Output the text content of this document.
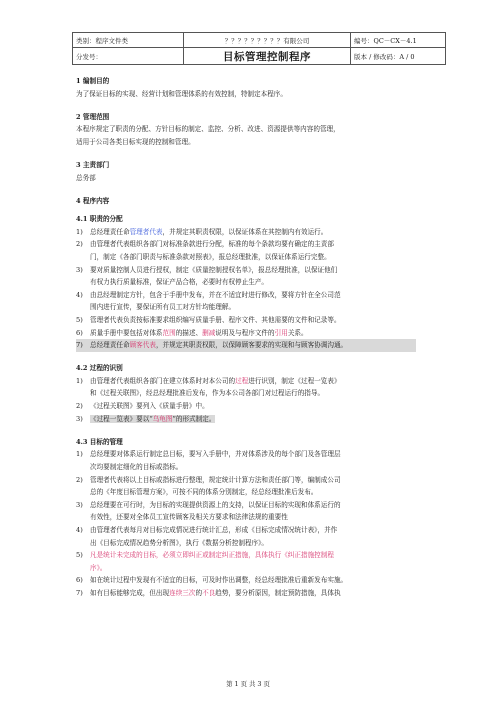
类别：程序文件类	？？？？？？？？？有限公司	编号：QC－CX－4.1
分发号：	目标管理控制程序	版本 / 修改码：A / 0
1 编制目的

为了保证目标的实现、经营计划和管理体系的有效控制，特制定本程序。

2 管理范围

本程序规定了职责的分配、方针目标的制定、监控、分析、改进、资源提供等内容的管理，

适用于公司各类目标实现的控制和管理。

3 主责部门

总务部

4 程序内容
4.1 职责的分配
1)	总经理责任命管理者代表，并规定其职责权限，以保证体系在其控制内有效运行。
2)	由管理者代表组织各部门对标准条款进行分配，标准的每个条款均要有确定的主责部
门，制定《各部门职责与标准条款对照表》，报总经理批准，以保证体系运行完整。
3)	要对质量控制人员进行授权，制定《质量控制授权名单》，报总经理批准，以保证他们
有权力执行质量标准，保证产品合格，必要时有权停止生产。
4)	由总经理制定方针，包含于手册中发布，并在不适宜时进行修改，要将方针在全公司范
围内进行宣传，要保证所有员工对方针均能理解。
5)	管理者代表负责按标准要求组织编写质量手册、程序文件、其他需要的文件和记录等。
6)	质量手册中要包括对体系范围的描述、删减说明及与程序文件的引用关系。
7)	总经理责任命顾客代表，并规定其职责权限，以保障顾客要求的实现和与顾客协调沟通。
4.2 过程的识别
1)	由管理者代表组织各部门在建立体系时对本公司的过程进行识别，制定《过程一览表》
和《过程关联图》，经总经理批准后发布，作为本公司各部门对过程运行的指导。
2)	《过程关联图》要列入《质量手册》中。
3)	《过程一览表》要以“乌龟图”的形式制定。
4.3 目标的管理
1)	总经理要对体系运行制定总目标，要写入手册中，并对体系涉及的每个部门及各管理层
次均要制定细化的目标或指标。
2)	管理者代表将以上目标或指标进行整理，规定统计计算方法和责任部门等，编制成公司
总的《年度目标管理方案》，可按不同的体系分别制定，经总经理批准后发布。
3)	总经理要在可行时，为目标的实现提供资源上的支持，以保证目标的实现和体系运行的
有效性，还要对全体员工宣传顾客及相关方要求和法律法规的重要性
4)	由管理者代表每月对目标完成情况进行统计汇总，形成《目标完成情况统计表》，并作
出《目标完成情况趋势分析图》，执行《数据分析控制程序》。
5)	凡是统计未完成的目标，必须立即纠正或制定纠正措施，具体执行《纠正措施控制程
序》。
6)	如在统计过程中发现有不适宜的目标，可及时作出调整，经总经理批准后重新发布实施。
7)	如有目标能够完成，但出现连续三次的不良趋势，要分析原因，制定预防措施，具体执
第 1 页 共 3 页
